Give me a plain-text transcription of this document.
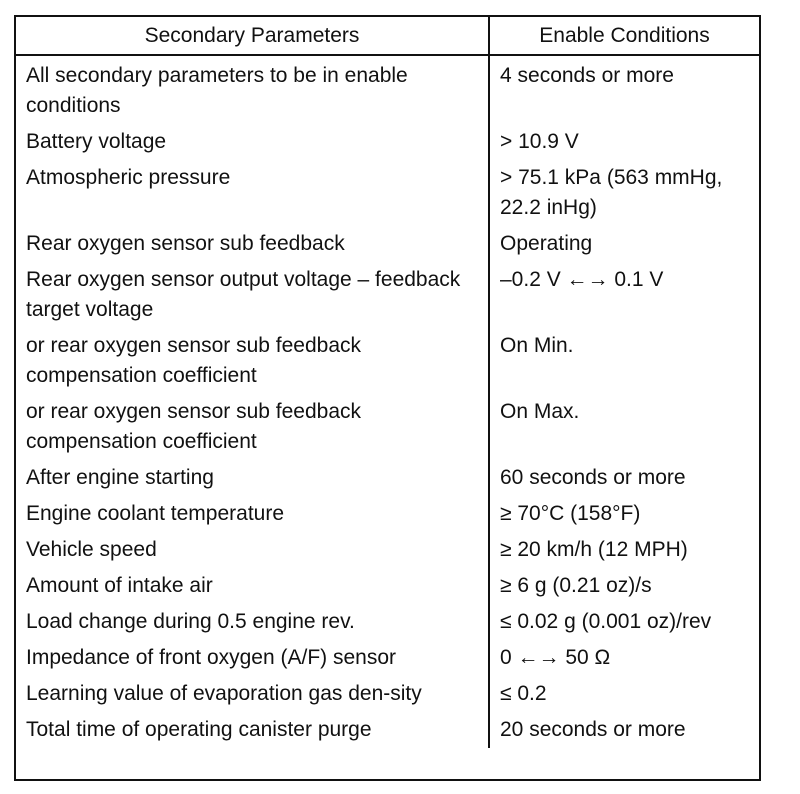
Secondary Parameters	Enable Conditions
All secondary parameters to be in enable conditions	4 seconds or more
Battery voltage	> 10.9 V
Atmospheric pressure	> 75.1 kPa (563 mmHg, 22.2 inHg)
Rear oxygen sensor sub feedback	Operating
Rear oxygen sensor output voltage – feedback target voltage	–0.2 V ←→ 0.1 V
or rear oxygen sensor sub feedback compensation coefficient	On Min.
or rear oxygen sensor sub feedback compensation coefficient	On Max.
After engine starting	60 seconds or more
Engine coolant temperature	≥ 70°C (158°F)
Vehicle speed	≥ 20 km/h (12 MPH)
Amount of intake air	≥ 6 g (0.21 oz)/s
Load change during 0.5 engine rev.	≤ 0.02 g (0.001 oz)/rev
Impedance of front oxygen (A/F) sensor	0 ←→ 50 Ω
Learning value of evaporation gas den-sity	≤ 0.2
Total time of operating canister purge	20 seconds or more
